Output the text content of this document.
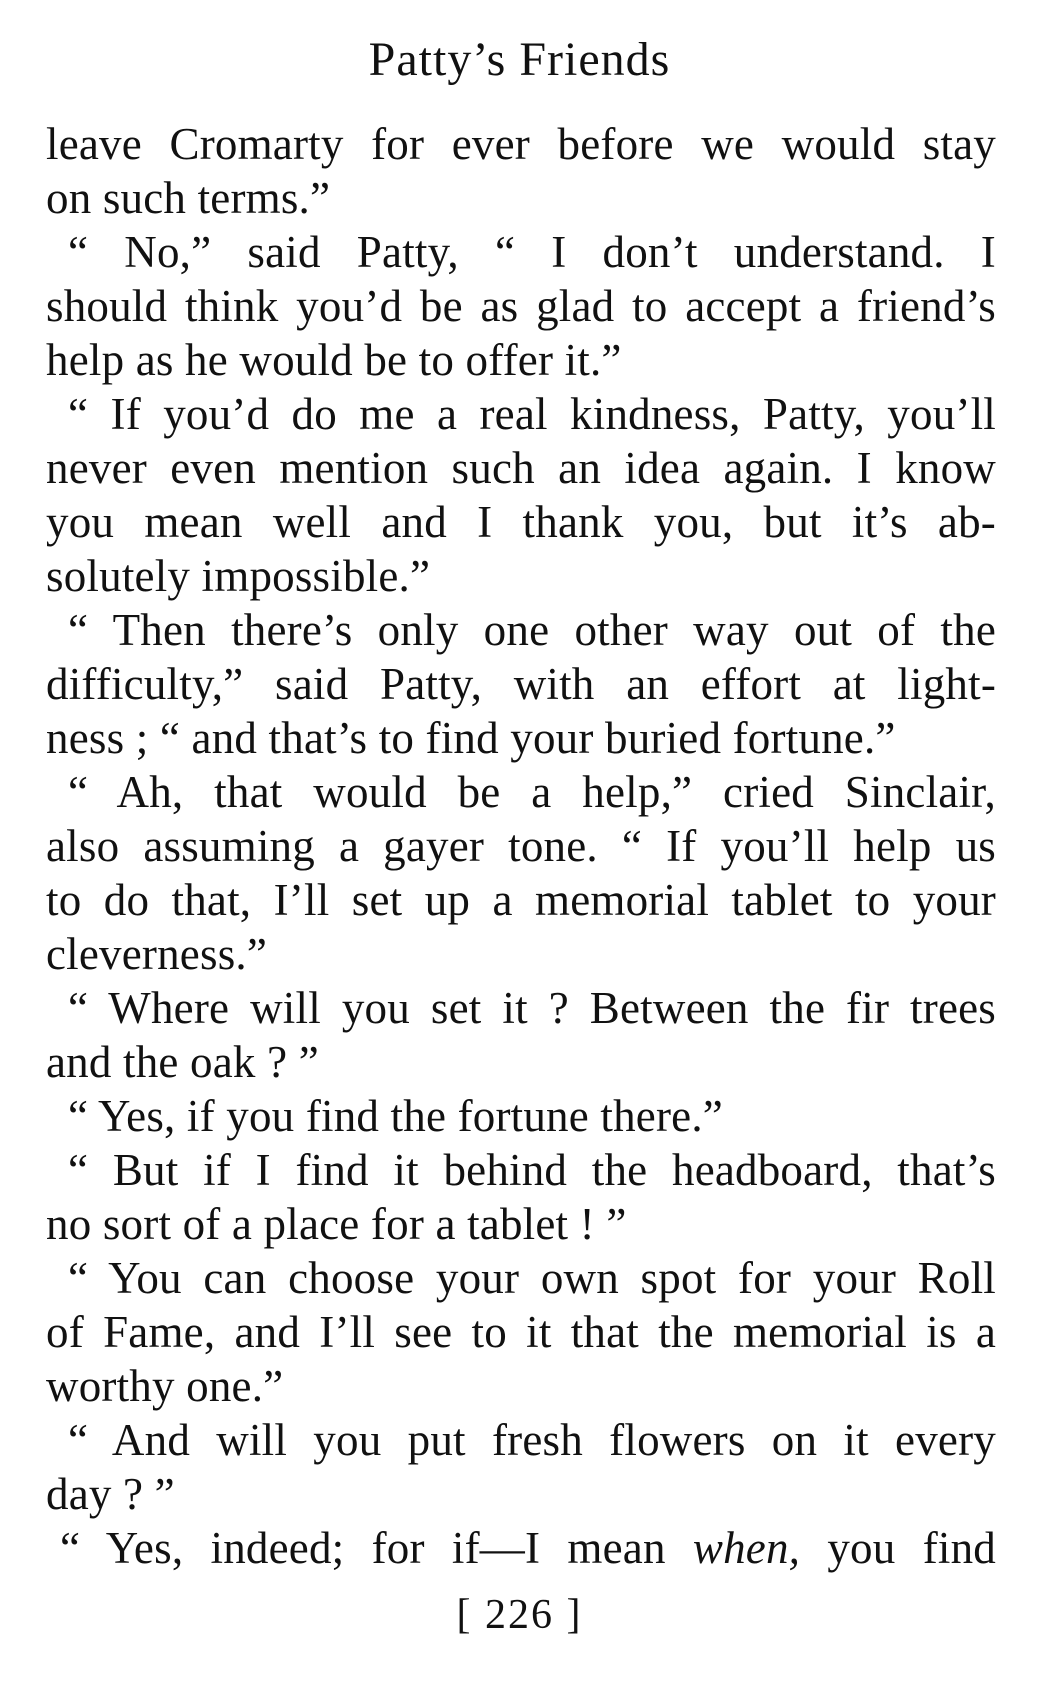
Patty’s Friends
leave Cromarty for ever before we would stay
on such terms.”
“ No,” said Patty, “ I don’t understand. I
should think you’d be as glad to accept a friend’s
help as he would be to offer it.”
“ If you’d do me a real kindness, Patty, you’ll
never even mention such an idea again. I know
you mean well and I thank you, but it’s ab-
solutely impossible.”
“ Then there’s only one other way out of the
difficulty,” said Patty, with an effort at light-
ness ; “ and that’s to find your buried fortune.”
“ Ah, that would be a help,” cried Sinclair,
also assuming a gayer tone. “ If you’ll help us
to do that, I’ll set up a memorial tablet to your
cleverness.”
“ Where will you set it ? Between the fir trees
and the oak ? ”
“ Yes, if you find the fortune there.”
“ But if I find it behind the headboard, that’s
no sort of a place for a tablet ! ”
“ You can choose your own spot for your Roll
of Fame, and I’ll see to it that the memorial is a
worthy one.”
“ And will you put fresh flowers on it every
day ? ”
“ Yes, indeed; for if—I mean when, you find
[ 226 ]
